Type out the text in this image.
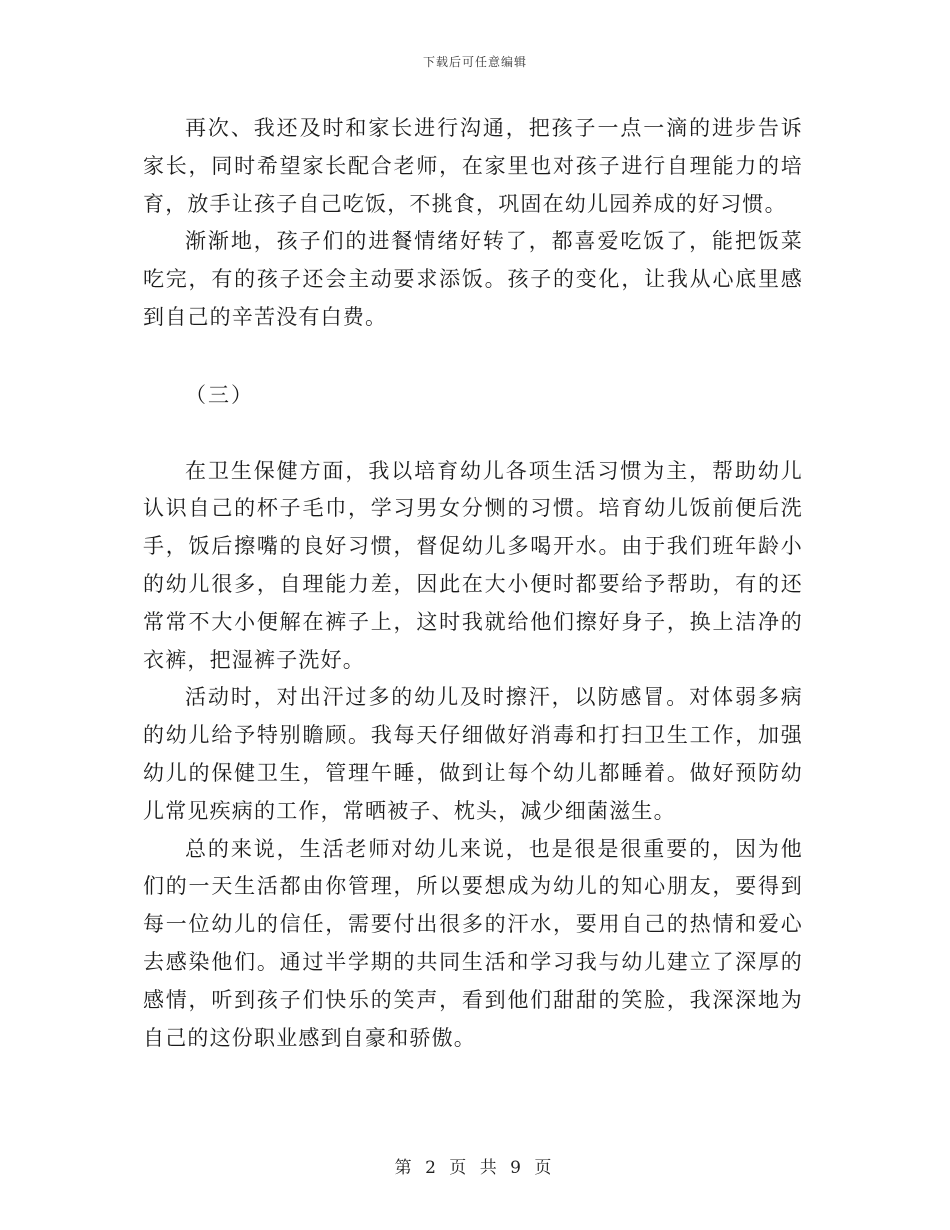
下载后可任意编辑

再次、我还及时和家长进行沟通，把孩子一点一滴的进步告诉家长，同时希望家长配合老师，在家里也对孩子进行自理能力的培育，放手让孩子自己吃饭，不挑食，巩固在幼儿园养成的好习惯。

渐渐地，孩子们的进餐情绪好转了，都喜爱吃饭了，能把饭菜吃完，有的孩子还会主动要求添饭。孩子的变化，让我从心底里感到自己的辛苦没有白费。

（三）

在卫生保健方面，我以培育幼儿各项生活习惯为主，帮助幼儿认识自己的杯子毛巾，学习男女分恻的习惯。培育幼儿饭前便后洗手，饭后擦嘴的良好习惯，督促幼儿多喝开水。由于我们班年龄小的幼儿很多，自理能力差，因此在大小便时都要给予帮助，有的还常常不大小便解在裤子上，这时我就给他们擦好身子，换上洁净的衣裤，把湿裤子洗好。

活动时，对出汗过多的幼儿及时擦汗，以防感冒。对体弱多病的幼儿给予特别瞻顾。我每天仔细做好消毒和打扫卫生工作，加强幼儿的保健卫生，管理午睡，做到让每个幼儿都睡着。做好预防幼儿常见疾病的工作，常晒被子、枕头，减少细菌滋生。

总的来说，生活老师对幼儿来说，也是很是很重要的，因为他们的一天生活都由你管理，所以要想成为幼儿的知心朋友，要得到每一位幼儿的信任，需要付出很多的汗水，要用自己的热情和爱心去感染他们。通过半学期的共同生活和学习我与幼儿建立了深厚的感情，听到孩子们快乐的笑声，看到他们甜甜的笑脸，我深深地为自己的这份职业感到自豪和骄傲。

第 2 页 共 9 页
